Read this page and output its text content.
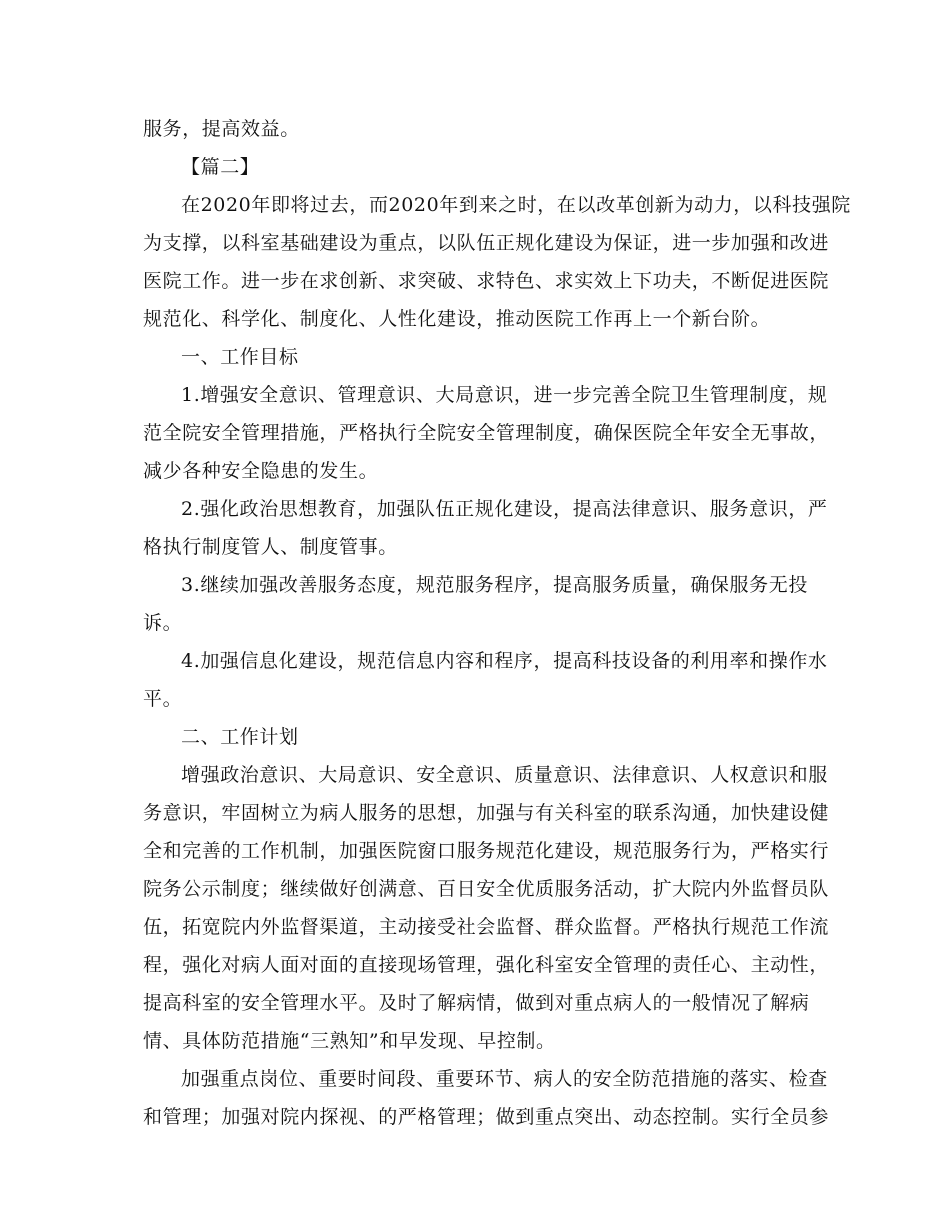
服务，提高效益。
【篇二】
在2020年即将过去，而2020年到来之时，在以改革创新为动力，以科技强院
为支撑，以科室基础建设为重点，以队伍正规化建设为保证，进一步加强和改进
医院工作。进一步在求创新、求突破、求特色、求实效上下功夫，不断促进医院
规范化、科学化、制度化、人性化建设，推动医院工作再上一个新台阶。
一、工作目标
1.增强安全意识、管理意识、大局意识，进一步完善全院卫生管理制度，规
范全院安全管理措施，严格执行全院安全管理制度，确保医院全年安全无事故，
减少各种安全隐患的发生。
2.强化政治思想教育，加强队伍正规化建设，提高法律意识、服务意识，严
格执行制度管人、制度管事。
3.继续加强改善服务态度，规范服务程序，提高服务质量，确保服务无投
诉。
4.加强信息化建设，规范信息内容和程序，提高科技设备的利用率和操作水
平。
二、工作计划
增强政治意识、大局意识、安全意识、质量意识、法律意识、人权意识和服
务意识，牢固树立为病人服务的思想，加强与有关科室的联系沟通，加快建设健
全和完善的工作机制，加强医院窗口服务规范化建设，规范服务行为，严格实行
院务公示制度；继续做好创满意、百日安全优质服务活动，扩大院内外监督员队
伍，拓宽院内外监督渠道，主动接受社会监督、群众监督。严格执行规范工作流
程，强化对病人面对面的直接现场管理，强化科室安全管理的责任心、主动性，
提高科室的安全管理水平。及时了解病情，做到对重点病人的一般情况了解病
情、具体防范措施“三熟知”和早发现、早控制。
加强重点岗位、重要时间段、重要环节、病人的安全防范措施的落实、检查
和管理；加强对院内探视、的严格管理；做到重点突出、动态控制。实行全员参
